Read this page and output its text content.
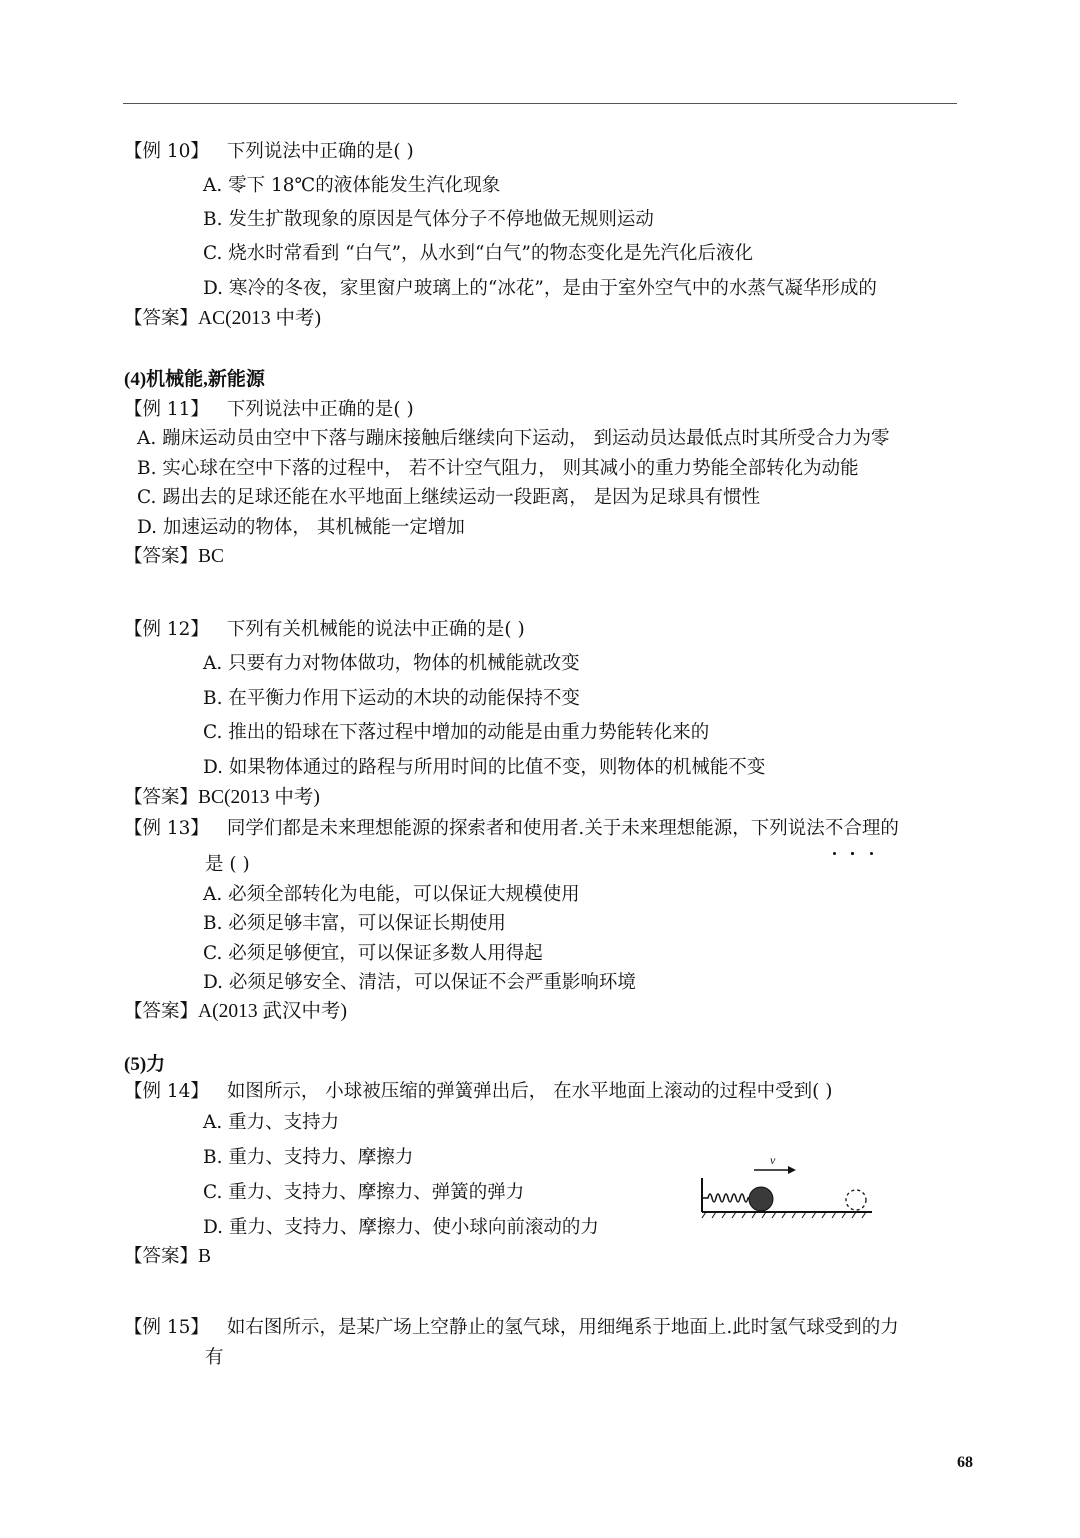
【例 10】 下列说法中正确的是( )
A. 零下 18℃的液体能发生汽化现象
B. 发生扩散现象的原因是气体分子不停地做无规则运动
C. 烧水时常看到 “白气”，从水到“白气”的物态变化是先汽化后液化
D. 寒冷的冬夜，家里窗户玻璃上的“冰花”，是由于室外空气中的水蒸气凝华形成的
【答案】AC(2013 中考)
(4)机械能,新能源
【例 11】 下列说法中正确的是( )
A. 蹦床运动员由空中下落与蹦床接触后继续向下运动， 到运动员达最低点时其所受合力为零
B. 实心球在空中下落的过程中， 若不计空气阻力， 则其减小的重力势能全部转化为动能
C. 踢出去的足球还能在水平地面上继续运动一段距离， 是因为足球具有惯性
D. 加速运动的物体， 其机械能一定增加
【答案】BC
【例 12】 下列有关机械能的说法中正确的是( )
A. 只要有力对物体做功，物体的机械能就改变
B. 在平衡力作用下运动的木块的动能保持不变
C. 推出的铅球在下落过程中增加的动能是由重力势能转化来的
D. 如果物体通过的路程与所用时间的比值不变，则物体的机械能不变
【答案】BC(2013 中考)
【例 13】 同学们都是未来理想能源的探索者和使用者.关于未来理想能源，下列说法不合理的
是 ( )
A. 必须全部转化为电能，可以保证大规模使用
B. 必须足够丰富，可以保证长期使用
C. 必须足够便宜，可以保证多数人用得起
D. 必须足够安全、清洁，可以保证不会严重影响环境
【答案】A(2013 武汉中考)
(5)力
【例 14】 如图所示， 小球被压缩的弹簧弹出后， 在水平地面上滚动的过程中受到( )
A. 重力、支持力
B. 重力、支持力、摩擦力
C. 重力、支持力、摩擦力、弹簧的弹力
D. 重力、支持力、摩擦力、使小球向前滚动的力
【答案】B
v
【例 15】 如右图所示，是某广场上空静止的氢气球，用细绳系于地面上.此时氢气球受到的力
有
68
